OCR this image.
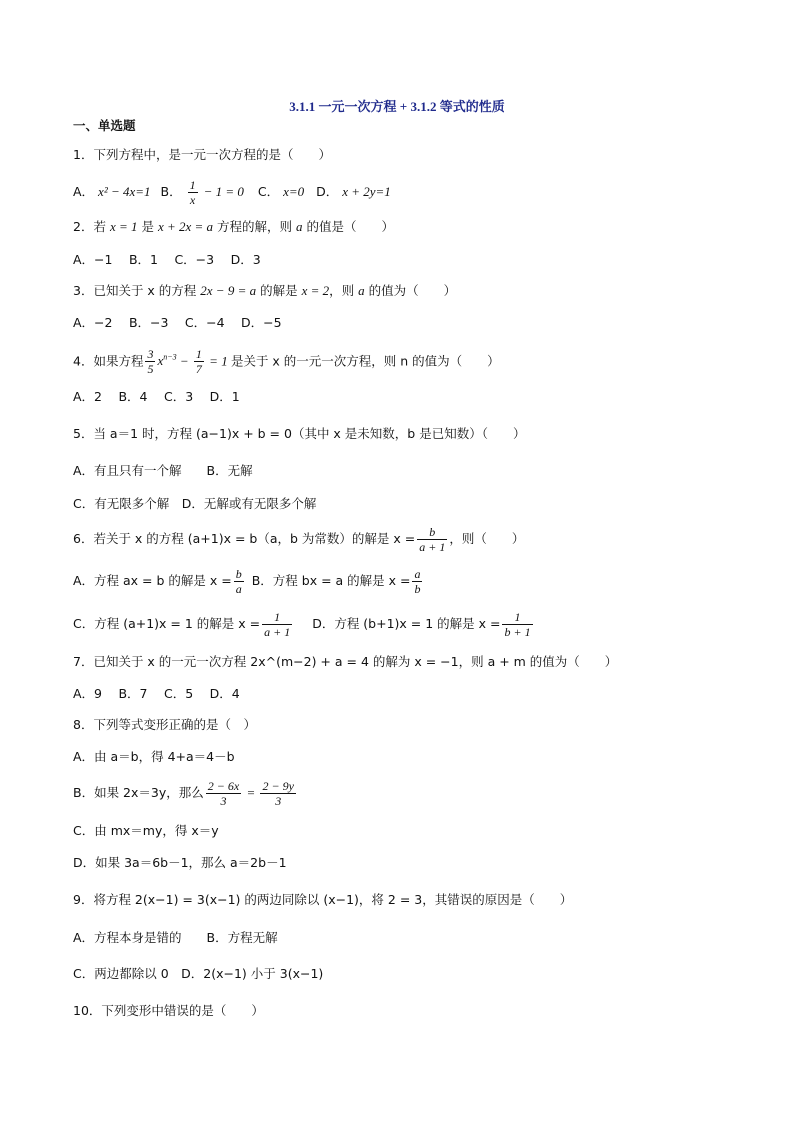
3.1.1 一元一次方程 + 3.1.2 等式的性质
一、单选题
1．下列方程中，是一元一次方程的是（　　）
A． x² − 4x=1 B． $\frac{1}{x} - 1 = 0$ C． x=0 D． x + 2y=1
2．若 x = 1 是 x + 2x = a 方程的解，则 a 的值是（　　）
A．−1　 B．1　 C．−3　 D．3
3．已知关于 x 的方程 2x − 9 = a 的解是 x = 2，则 a 的值为（　　）
A．−2　 B．−3　 C．−4　 D．−5
4．如果方程 $\frac{3}{5} x^{n-3} - \frac{1}{7} = 1$ 是关于 x 的一元一次方程，则 n 的值为（　　）
A．2　 B．4　 C．3　 D．1
5．当 a＝1 时，方程 (a−1)x + b = 0（其中 x 是未知数，b 是已知数）（　　）
A．有且只有一个解　　B．无解
C．有无限多个解　D．无解或有无限多个解
6．若关于 x 的方程 (a+1)x = b（a，b 为常数）的解是 $x = \frac{b}{a + 1}$ ，则（　　）
A．方程 ax = b 的解是 $x = \frac{b}{a}$ B．方程 bx = a 的解是 $x = \frac{a}{b}$
C．方程 (a+1)x = 1 的解是 $x = \frac{1}{a + 1}$ D．方程 (b+1)x = 1 的解是 $x = \frac{1}{b + 1}$
7．已知关于 x 的一元一次方程 2x^(m−2) + a = 4 的解为 x = −1，则 a + m 的值为（　　）
A．9　 B．7　 C．5　 D．4
8．下列等式变形正确的是（　）
A．由 a＝b，得 4+a＝4－b
B．如果 2x＝3y，那么 $\frac{2 - 6x}{3} = \frac{2 - 9y}{3}$
C．由 mx＝my，得 x＝y
D．如果 3a＝6b－1，那么 a＝2b－1
9．将方程 2(x−1) = 3(x−1) 的两边同除以 (x−1)，将 2 = 3，其错误的原因是（　　）
A．方程本身是错的　　B．方程无解
C．两边都除以 0　D．2(x−1) 小于 3(x−1)
10．下列变形中错误的是（　　）
